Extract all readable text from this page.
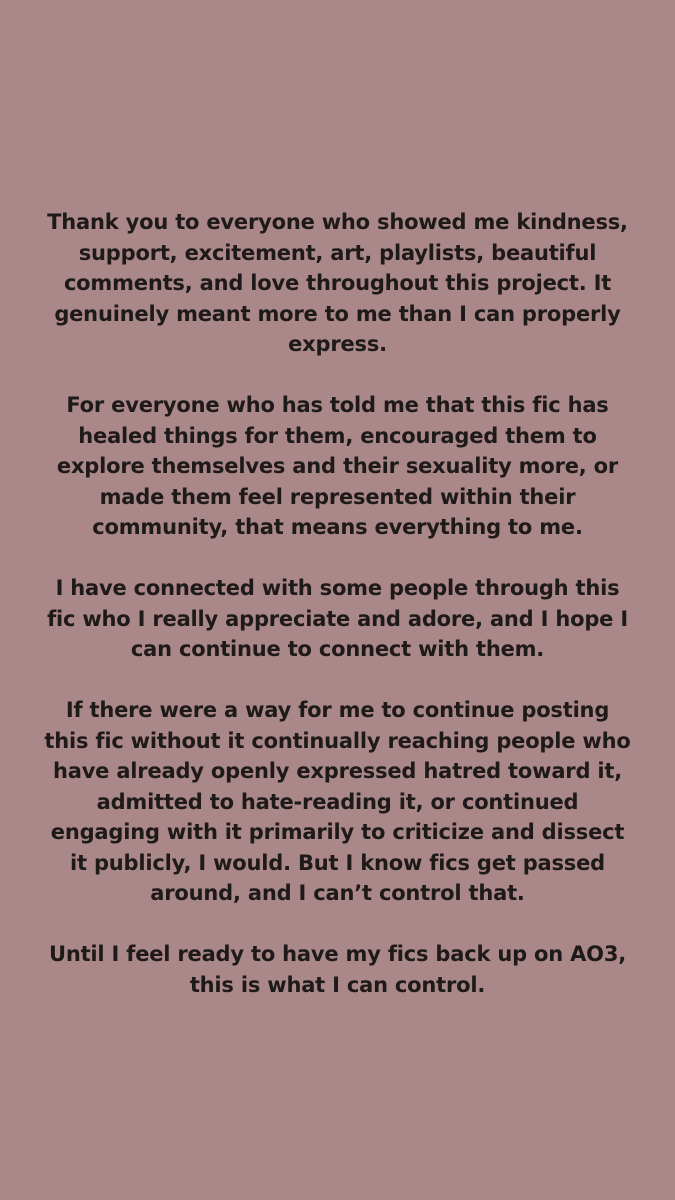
Thank you to everyone who showed me kindness, support, excitement, art, playlists, beautiful comments, and love throughout this project. It genuinely meant more to me than I can properly express.

For everyone who has told me that this fic has healed things for them, encouraged them to explore themselves and their sexuality more, or made them feel represented within their community, that means everything to me.

I have connected with some people through this fic who I really appreciate and adore, and I hope I can continue to connect with them.

If there were a way for me to continue posting this fic without it continually reaching people who have already openly expressed hatred toward it, admitted to hate-reading it, or continued engaging with it primarily to criticize and dissect it publicly, I would. But I know fics get passed around, and I can’t control that.

Until I feel ready to have my fics back up on AO3, this is what I can control.
